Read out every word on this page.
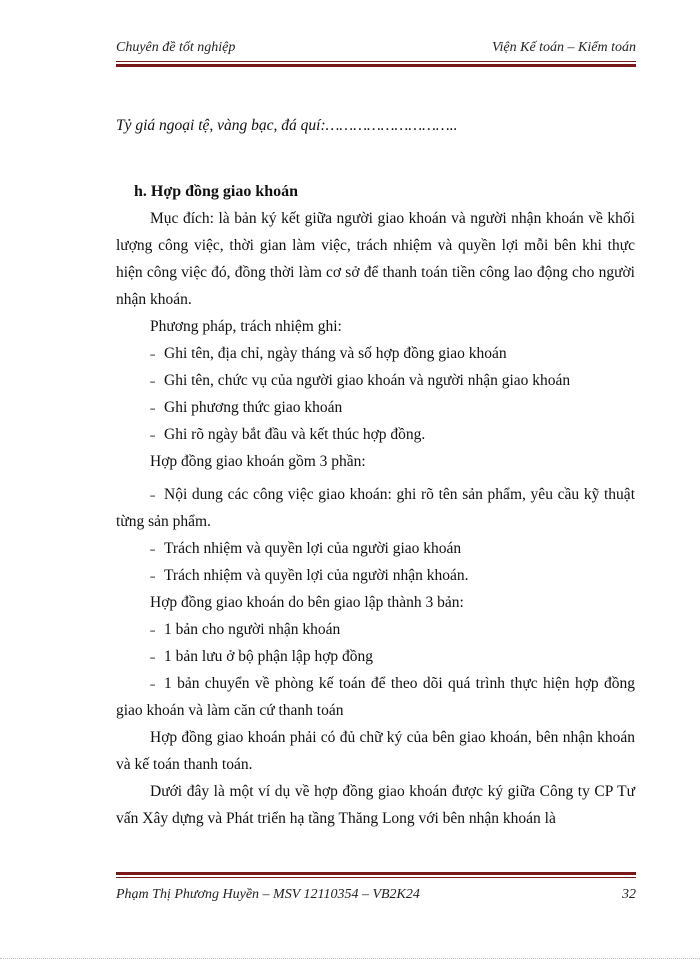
Chuyên đề tốt nghiệp	Viện Kế toán – Kiểm toán

Tỷ giá ngoại tệ, vàng bạc, đá quí:………………………..

h. Hợp đồng giao khoán

Mục đích: là bản ký kết giữa người giao khoán và người nhận khoán về khối lượng công việc, thời gian làm việc, trách nhiệm và quyền lợi mỗi bên khi thực hiện công việc đó, đồng thời làm cơ sở để thanh toán tiền công lao động cho người nhận khoán.

Phương pháp, trách nhiệm ghi:

˗ Ghi tên, địa chỉ, ngày tháng và số hợp đồng giao khoán

˗ Ghi tên, chức vụ của người giao khoán và người nhận giao khoán

˗ Ghi phương thức giao khoán

˗ Ghi rõ ngày bắt đầu và kết thúc hợp đồng.

Hợp đồng giao khoán gồm 3 phần:

˗ Nội dung các công việc giao khoán: ghi rõ tên sản phẩm, yêu cầu kỹ thuật từng sản phẩm.

˗ Trách nhiệm và quyền lợi của người giao khoán

˗ Trách nhiệm và quyền lợi của người nhận khoán.

Hợp đồng giao khoán do bên giao lập thành 3 bản:

˗ 1 bản cho người nhận khoán

˗ 1 bản lưu ở bộ phận lập hợp đồng

˗ 1 bản chuyển về phòng kế toán để theo dõi quá trình thực hiện hợp đồng giao khoán và làm căn cứ thanh toán

Hợp đồng giao khoán phải có đủ chữ ký của bên giao khoán, bên nhận khoán và kế toán thanh toán.

Dưới đây là một ví dụ về hợp đồng giao khoán được ký giữa Công ty CP Tư vấn Xây dựng và Phát triển hạ tầng Thăng Long với bên nhận khoán là

Phạm Thị Phương Huyền – MSV 12110354 – VB2K24	32
